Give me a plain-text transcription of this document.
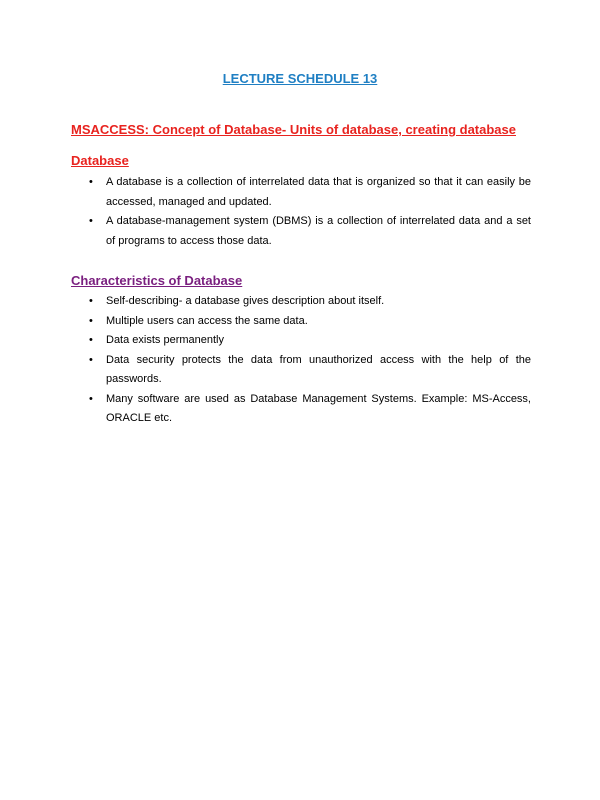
LECTURE SCHEDULE 13
MSACCESS: Concept of Database- Units of database, creating database
Database
• A database is a collection of interrelated data that is organized so that it can easily be accessed, managed and updated.
• A database-management system (DBMS) is a collection of interrelated data and a set of programs to access those data.
Characteristics of Database
• Self-describing- a database gives description about itself.
• Multiple users can access the same data.
• Data exists permanently
• Data security protects the data from unauthorized access with the help of the passwords.
• Many software are used as Database Management Systems. Example: MS-Access, ORACLE etc.
